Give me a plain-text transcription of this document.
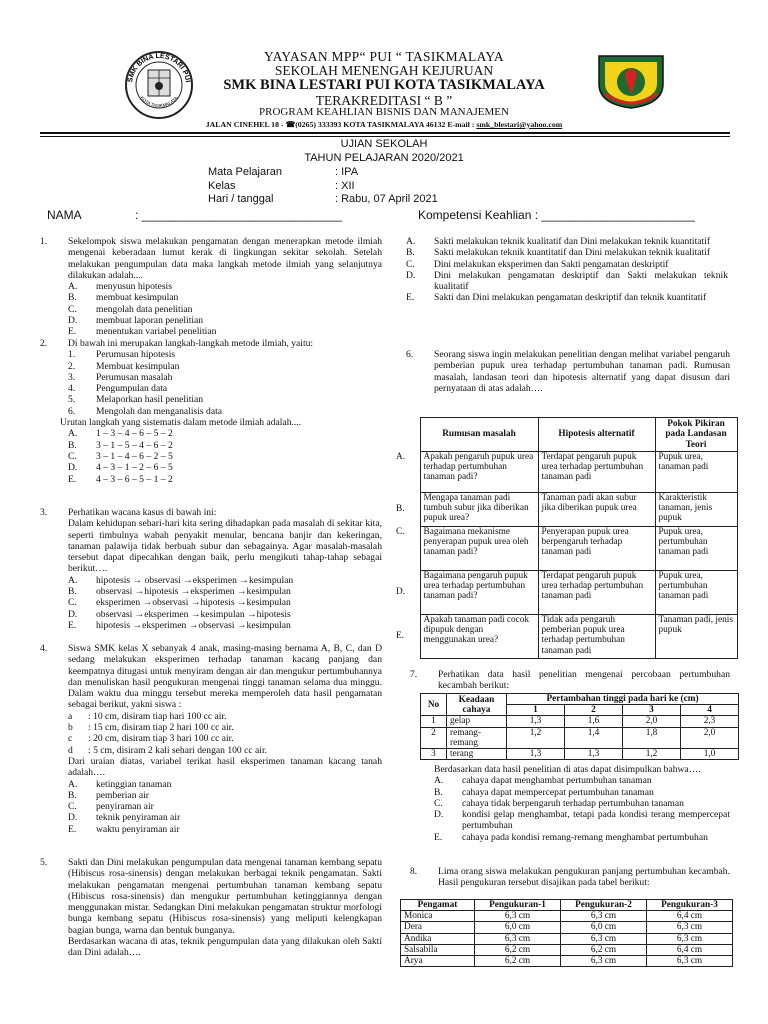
SMK BINA LESTARI PUI
KOTA TASIKMALAYA
YAYASAN MPP“ PUI “ TASIKMALAYA
SEKOLAH MENENGAH KEJURUAN
SMK BINA LESTARI PUI KOTA TASIKMALAYA
TERAKREDITASI “ B ”
PROGRAM KEAHLIAN BISNIS DAN MANAJEMEN
JALAN CINEHEL 18 - ☎(0265) 333393 KOTA TASIKMALAYA 46132 E-mail : smk_blestari@yahoo.com
UJIAN SEKOLAH
TAHUN PELAJARAN 2020/2021
Mata Pelajaran	: IPA
Kelas	: XII
Hari / tanggal	: Rabu, 07 April 2021
NAMA	: ______________________________	Kompetensi Keahlian : _______________________
1.	Sekelompok siswa melakukan pengamatan dengan menerapkan metode ilmiah mengenai keberadaan lumut kerak di lingkungan sekitar sekolah. Setelah melakukan pengumpulan data maka langkah metode ilmiah yang selanjutnya dilakukan adalah....

A.	menyusun hipotesis
B.	membuat kesimpulan
C.	mengolah data penelitian
D.	membuat laporan penelitian
E.	menentukan variabel penelitian
2.	Di bawah ini merupakan langkah-langkah metode ilmiah, yaitu:

1.	Perumusan hipotesis
2.	Membuat kesimpulan
3.	Perumusan masalah
4.	Pengumpulan data
5.	Melaporkan hasil penelitian
6.	Mengolah dan menganalisis data

Urutan langkah yang sistematis dalam metode ilmiah adalah....

A.	1 – 3 – 4 – 6 – 5 – 2
B.	3 – 1 – 5 – 4 – 6 – 2
C.	3 – 1 – 4 – 6 – 2 – 5
D.	4 – 3 – 1 – 2 – 6 – 5
E.	4 – 3 – 6 – 5 – 1 – 2
3.	Perhatikan wacana kasus di bawah ini:

Dalam kehidupan sehari-hari kita sering dihadapkan pada masalah di sekitar kita, seperti timbulnya wabah penyakit menular, bencana banjir dan kekeringan, tanaman palawija tidak berbuah subur dan sebagainya. Agar masalah-masalah tersebut dapat dipecahkan dengan baik, perlu mengikuti tahap-tahap sebagai berikut….

A.	hipotesis → observasi →eksperimen →kesimpulan
B.	observasi →hipotesis →eksperimen →kesimpulan
C.	eksperimen →observasi →hipotesis →kesimpulan
D.	observasi →eksperimen →kesimpulan →hipotesis
E.	hipotesis →eksperimen →observasi →kesimpulan
4.	Siswa SMK kelas X sebanyak 4 anak, masing-masing bernama A, B, C, dan D sedang melakukan eksperimen terhadap tanaman kacang panjang dan keempatnya ditugasi untuk menyiram dengan air dan mengukur pertumbuhannya dan menuliskan hasil pengukuran mengenai tinggi tanaman selama dua minggu. Dalam waktu dua minggu tersebut mereka memperoleh data hasil pengamatan sebagai berikut, yakni siswa :

a	: 10 cm, disiram tiap hari 100 cc air.
b	: 15 cm, disiram tiap 2 hari 100 cc air.
c	: 20 cm, disiram tiap 3 hari 100 cc air.
d	: 5 cm, disiram 2 kali sehari dengan 100 cc air.

Dari uraian diatas, variabel terikat hasil eksperimen tanaman kacang tanah adalah….

A.	ketinggian tanaman
B.	pemberian air
C.	penyiraman air
D.	teknik penyiraman air
E.	waktu penyiraman air
5.	Sakti dan Dini melakukan pengumpulan data mengenai tanaman kembang sepatu (Hibiscus rosa-sinensis) dengan melakukan berbagai teknik pengamatan. Sakti melakukan pengamatan mengenai pertumbuhan tanaman kembang sepatu (Hibiscus rosa-sinensis) dan mengukur pertumbuhan ketinggiannya dengan menggunakan mistar. Sedangkan Dini melakukan pengamatan struktur morfologi bunga kembang sepatu (Hibiscus rosa-sinensis) yang meliputi kelengkapan bagian bunga, warna dan bentuk bunganya.

Berdasarkan wacana di atas, teknik pengumpulan data yang dilakukan oleh Sakti dan Dini adalah….

A.	Sakti melakukan teknik kualitatif dan Dini melakukan teknik kuantitatif
B.	Sakti melakukan teknik kuantitatif dan Dini melakukan teknik kualitatif
C.	Dini melakukan eksperimen dan Sakti pengamatan deskriptif
D.	Dini melakukan pengamatan deskriptif dan Sakti melakukan teknik kualitatif
E.	Sakti dan Dini melakukan pengamatan deskriptif dan teknik kuantitatif
6.	Seorang siswa ingin melakukan penelitian dengan melihat variabel pengaruh pemberian pupuk urea terhadap pertumbuhan tanaman padi. Rumusan masalah, landasan teori dan hipotesis alternatif yang dapat disusun dari pernyataan di atas adalah….

	Rumusan masalah	Hipotesis alternatif	Pokok Pikiran pada Landasan Teori
A.	Apakah pengaruh pupuk urea terhadap pertumbuhan tanaman padi?	Terdapat pengaruh pupuk urea terhadap pertumbuhan tanaman padi	Pupuk urea, tanaman padi
B.	Mengapa tanaman padi tumbuh subur jika diberikan pupuk urea?	Tanaman padi akan subur jika diberikan pupuk urea	Karakteristik tanaman, jenis pupuk
C.	Bagaimana mekanisme penyerapan pupuk urea oleh tanaman padi?	Penyerapan pupuk urea berpengaruh terhadap tanaman padi	Pupuk urea, pertumbuhan tanaman padi
D.	Bagaimana pengaruh pupuk urea terhadap pertumbuhan tanaman padi?	Terdapat pengaruh pupuk urea terhadap pertumbuhan tanaman padi	Pupuk urea, pertumbuhan tanaman padi
E.	Apakah tanaman padi cocok dipupuk dengan menggunakan urea?	Tidak ada pengaruh pemberian pupuk urea terhadap pertumbuhan tanaman padi	Tanaman padi, jenis pupuk
7.	Perhatikan data hasil penelitian mengenai percobaan pertumbuhan kecambah berikut:

No	Keadaan cahaya	Pertambahan tinggi pada hari ke (cm)			
		1	2	3	4
1	gelap	1,3	1,6	2,0	2,3
2	remang-remang	1,2	1,4	1,8	2,0
3	terang	1,3	1,3	1,2	1,0

Berdasarkan data hasil penelitian di atas dapat disimpulkan bahwa….

A.	cahaya dapat menghambat pertumbuhan tanaman
B.	cahaya dapat mempercepat pertumbuhan tanaman
C.	cahaya tidak berpengaruh terhadap pertumbuhan tanaman
D.	kondisi gelap menghambat, tetapi pada kondisi terang mempercepat pertumbuhan
E.	cahaya pada kondisi remang-remang menghambat pertumbuhan
8.	Lima orang siswa melakukan pengukuran panjang pertumbuhan kecambah. Hasil pengukuran tersebut disajikan pada tabel berikut:

Pengamat	Pengukuran-1	Pengukuran-2	Pengukuran-3
Monica	6,3 cm	6,3 cm	6,4 cm
Dera	6,0 cm	6,0 cm	6,3 cm
Andika	6,3 cm	6,3 cm	6,3 cm
Salsabila	6,2 cm	6,2 cm	6,4 cm
Arya	6,2 cm	6,3 cm	6,3 cm
